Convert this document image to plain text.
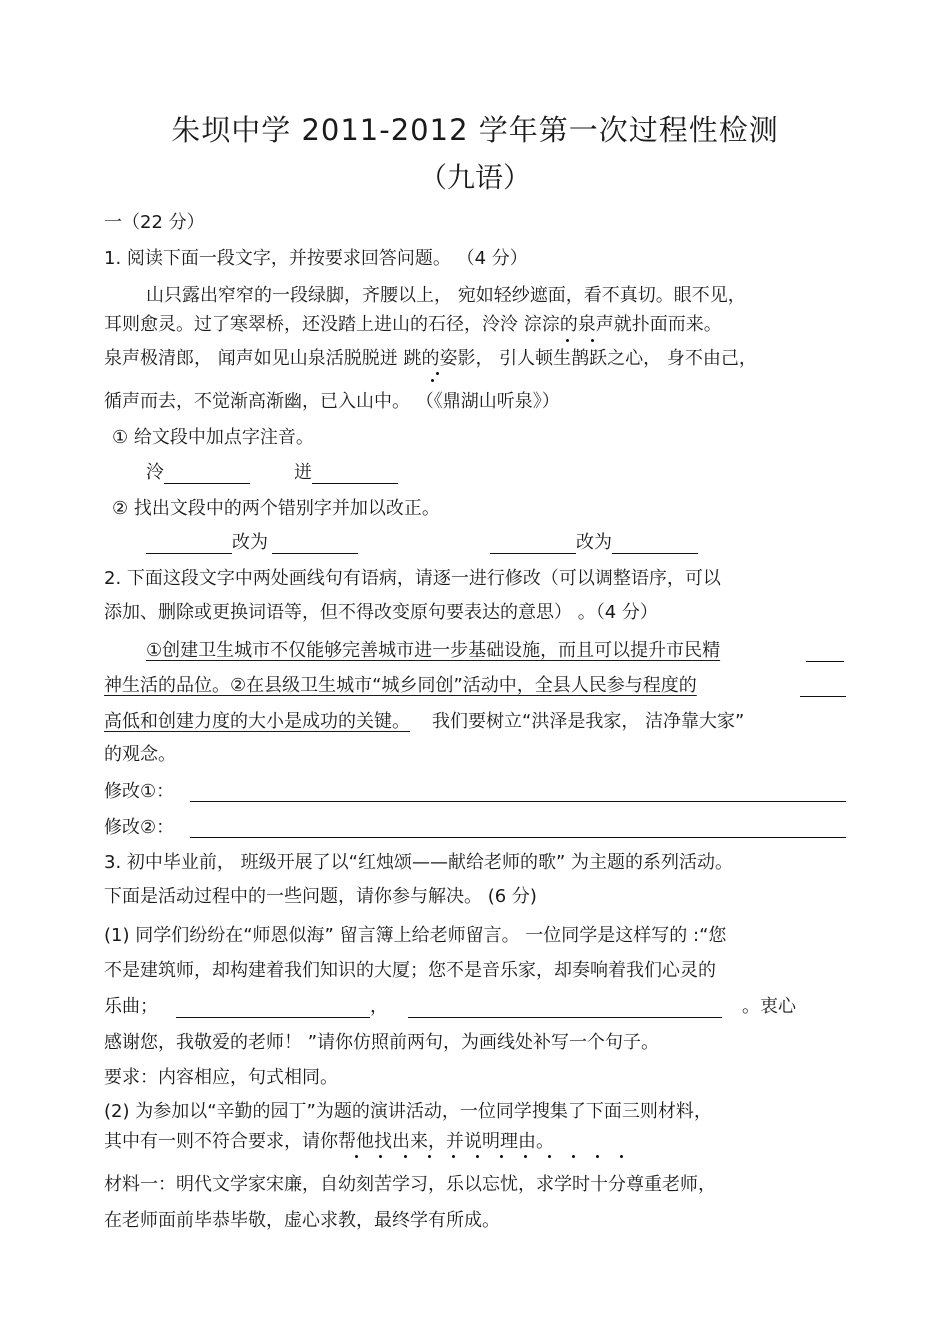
朱坝中学 2011-2012 学年第一次过程性检测
（九语）
一（22 分）
1. 阅读下面一段文字，并按要求回答问题。 （4 分）
山只露出窄窄的一段绿脚，齐腰以上， 宛如轻纱遮面，看不真切。眼不见，
耳则愈灵。过了寒翠桥，还没踏上进山的石径，泠泠 淙淙的泉声就扑面而来。
泉声极清郎， 闻声如见山泉活脱脱迸 跳的姿影， 引人顿生鹊跃之心， 身不由己，
循声而去，不觉渐高渐幽，已入山中。 （《鼎湖山听泉》）
① 给文段中加点字注音。
泠	迸
② 找出文段中的两个错别字并加以改正。
改为	改为
2. 下面这段文字中两处画线句有语病，请逐一进行修改（可以调整语序，可以
添加、删除或更换词语等，但不得改变原句要表达的意思） 。（4 分）
①创建卫生城市不仅能够完善城市进一步基础设施，而且可以提升市民精
神生活的品位。②在县级卫生城市“城乡同创”活动中，全县人民参与程度的
高低和创建力度的大小是成功的关键。 我们要树立“洪泽是我家， 洁净靠大家”
的观念。
修改①：
修改②：
3. 初中毕业前， 班级开展了以“红烛颂——献给老师的歌” 为主题的系列活动。
下面是活动过程中的一些问题，请你参与解决。 (6 分)
(1) 同学们纷纷在“师恩似海” 留言簿上给老师留言。 一位同学是这样写的 :“您
不是建筑师，却构建着我们知识的大厦；您不是音乐家，却奏响着我们心灵的
乐曲；	，	。衷心
感谢您，我敬爱的老师！ ”请你仿照前两句，为画线处补写一个句子。
要求：内容相应，句式相同。
(2) 为参加以“辛勤的园丁”为题的演讲活动，一位同学搜集了下面三则材料，
其中有一则不符合要求，请你帮他找出来，并说明理由。
材料一：明代文学家宋廉，自幼刻苦学习，乐以忘忧，求学时十分尊重老师，
在老师面前毕恭毕敬，虚心求教，最终学有所成。
